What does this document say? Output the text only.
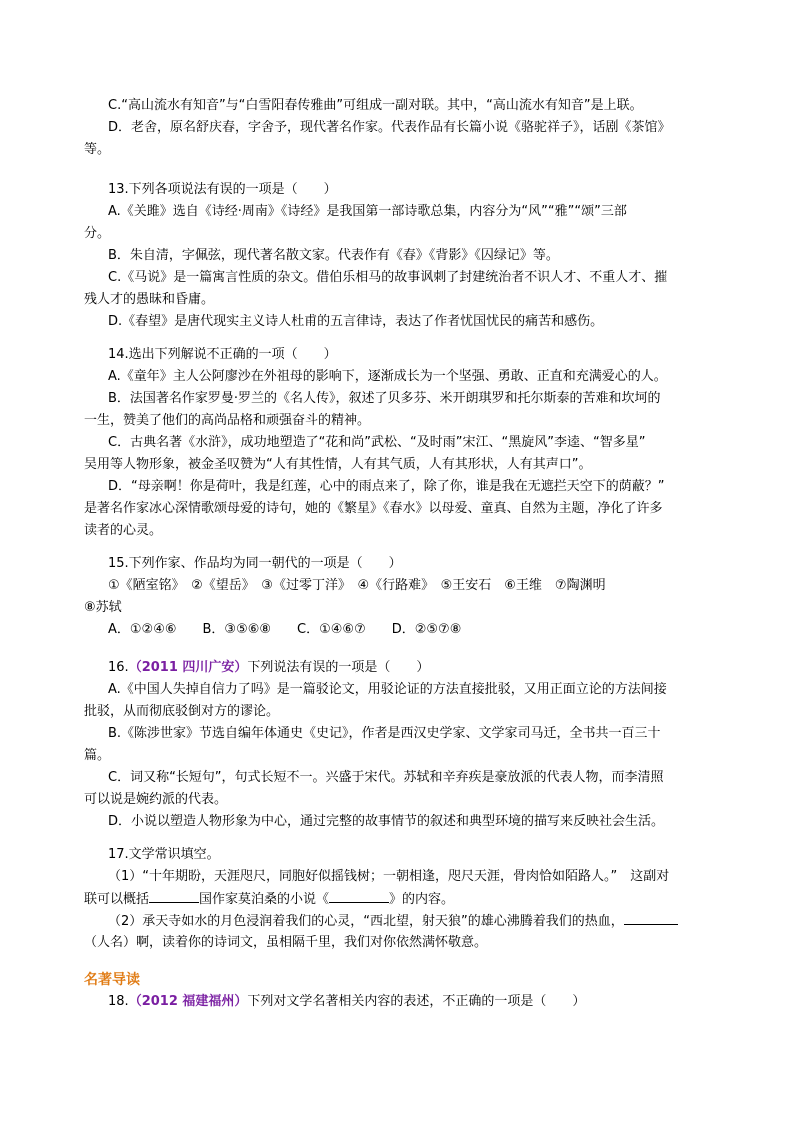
C.“高山流水有知音”与“白雪阳春传雅曲”可组成一副对联。其中，“高山流水有知音”是上联。
D．老舍，原名舒庆春，字舍予，现代著名作家。代表作品有长篇小说《骆驼祥子》，话剧《茶馆》
等。
13.下列各项说法有误的一项是（　　）
A.《关雎》选自《诗经·周南》《诗经》是我国第一部诗歌总集，内容分为“风”“雅”“颂”三部
分。
B．朱自清，字佩弦，现代著名散文家。代表作有《春》《背影》《囚绿记》等。
C.《马说》是一篇寓言性质的杂文。借伯乐相马的故事讽刺了封建统治者不识人才、不重人才、摧
残人才的愚昧和昏庸。
D.《春望》是唐代现实主义诗人杜甫的五言律诗，表达了作者忧国忧民的痛苦和感伤。
14.选出下列解说不正确的一项（　　）
A.《童年》主人公阿廖沙在外祖母的影响下，逐渐成长为一个坚强、勇敢、正直和充满爱心的人。
B．法国著名作家罗曼·罗兰的《名人传》，叙述了贝多芬、米开朗琪罗和托尔斯泰的苦难和坎坷的
一生，赞美了他们的高尚品格和顽强奋斗的精神。
C．古典名著《水浒》，成功地塑造了“花和尚”武松、“及时雨”宋江、“黑旋风”李逵、“智多星”
吴用等人物形象，被金圣叹赞为“人有其性情，人有其气质，人有其形状，人有其声口”。
D．“母亲啊！你是荷叶，我是红莲，心中的雨点来了，除了你，谁是我在无遮拦天空下的荫蔽？”
是著名作家冰心深情歌颂母爱的诗句，她的《繁星》《春水》以母爱、童真、自然为主题，净化了许多
读者的心灵。
15.下列作家、作品均为同一朝代的一项是（　　）
①《陋室铭》　②《望岳》　③《过零丁洋》　④《行路难》　⑤王安石　⑥王维　⑦陶渊明
⑧苏轼
A．①②④⑥　　B．③⑤⑥⑧　　C．①④⑥⑦　　D．②⑤⑦⑧
16.（2011 四川广安）下列说法有误的一项是（　　）
A.《中国人失掉自信力了吗》是一篇驳论文，用驳论证的方法直接批驳，又用正面立论的方法间接
批驳，从而彻底驳倒对方的谬论。
B.《陈涉世家》节选自编年体通史《史记》，作者是西汉史学家、文学家司马迁，全书共一百三十
篇。
C．词又称“长短句”，句式长短不一。兴盛于宋代。苏轼和辛弃疾是豪放派的代表人物，而李清照
可以说是婉约派的代表。
D．小说以塑造人物形象为中心，通过完整的故事情节的叙述和典型环境的描写来反映社会生活。
17.文学常识填空。
（1）“十年期盼，天涯咫尺，同胞好似摇钱树；一朝相逢，咫尺天涯，骨肉恰如陌路人。”　这副对
联可以概括	国作家莫泊桑的小说《	》的内容。
（2）承天寺如水的月色浸润着我们的心灵，“西北望，射天狼”的雄心沸腾着我们的热血，
（人名）啊，读着你的诗词文，虽相隔千里，我们对你依然满怀敬意。
名著导读
18.（2012 福建福州）下列对文学名著相关内容的表述，不正确的一项是（　　）
